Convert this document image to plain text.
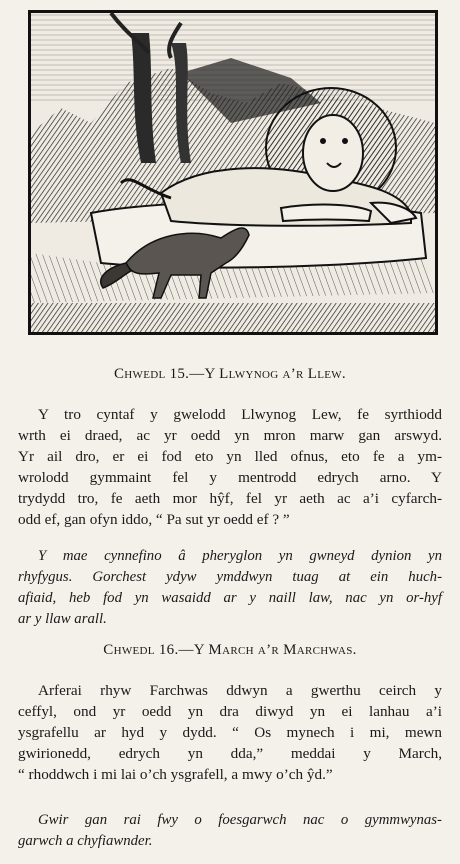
Chwedl 15.—Y Llwynog a’r Llew.
Y tro cyntaf y gwelodd Llwynog Lew, fe syrthiodd
wrth ei draed, ac yr oedd yn mron marw gan arswyd.
Yr ail dro, er ei fod eto yn lled ofnus, eto fe a ym-
wrolodd gymmaint fel y mentrodd edrych arno. Y
trydydd tro, fe aeth mor hŷf, fel yr aeth ac a’i cyfarch-
odd ef, gan ofyn iddo, “ Pa sut yr oedd ef ? ”
Y mae cynnefino â pheryglon yn gwneyd dynion yn
rhyfygus. Gorchest ydyw ymddwyn tuag at ein huch-
afiaid, heb fod yn wasaidd ar y naill law, nac yn or-hyf
ar y llaw arall.
Chwedl 16.—Y March a’r Marchwas.
Arferai rhyw Farchwas ddwyn a gwerthu ceirch y
ceffyl, ond yr oedd yn dra diwyd yn ei lanhau a’i
ysgrafellu ar hyd y dydd. “ Os mynech i mi, mewn
gwirionedd, edrych yn dda,” meddai y March,
“ rhoddwch i mi lai o’ch ysgrafell, a mwy o’ch ŷd.”
Gwir gan rai fwy o foesgarwch nac o gymmwynas-
garwch a chyfiawnder.
